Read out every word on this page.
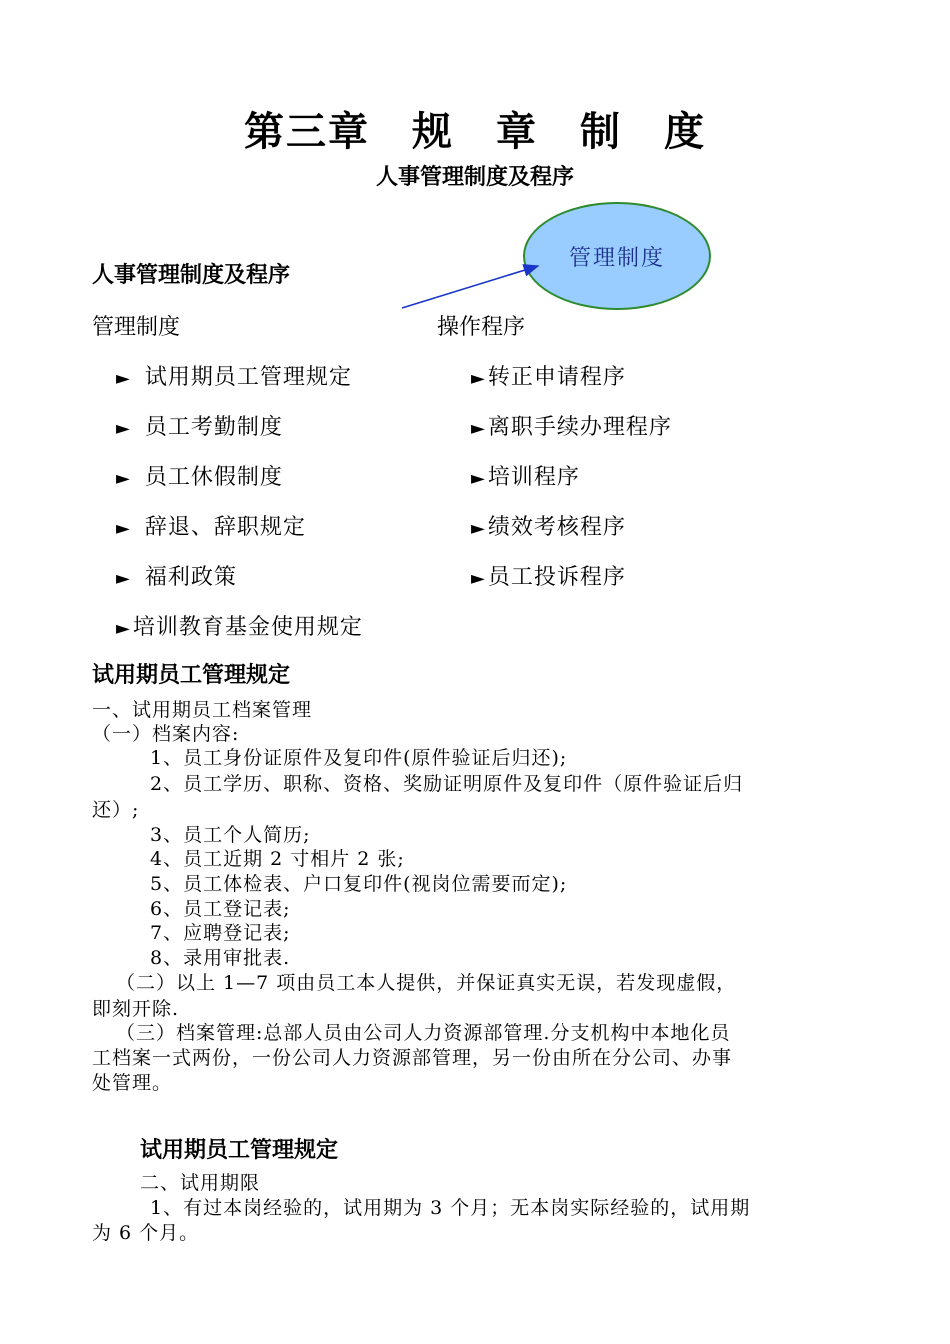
第三章　规　章　制　度
人事管理制度及程序
管理制度
人事管理制度及程序
管理制度	操作程序
► 试用期员工管理规定
► 员工考勤制度
► 员工休假制度
► 辞退、辞职规定
► 福利政策
►培训教育基金使用规定
►转正申请程序
►离职手续办理程序
►培训程序
►绩效考核程序
►员工投诉程序
试用期员工管理规定
一、试用期员工档案管理
（一）档案内容:
1、员工身份证原件及复印件(原件验证后归还);
2、员工学历、职称、资格、奖励证明原件及复印件（原件验证后归
还）;
3、员工个人简历;
4、员工近期 2 寸相片 2 张;
5、员工体检表、户口复印件(视岗位需要而定);
6、员工登记表;
7、应聘登记表;
8、录用审批表.
（二）以上 1—7 项由员工本人提供，并保证真实无误，若发现虚假，
即刻开除.
（三）档案管理:总部人员由公司人力资源部管理.分支机构中本地化员
工档案一式两份，一份公司人力资源部管理，另一份由所在分公司、办事
处管理。
试用期员工管理规定
二、试用期限
1、有过本岗经验的，试用期为 3 个月；无本岗实际经验的，试用期
为 6 个月。
